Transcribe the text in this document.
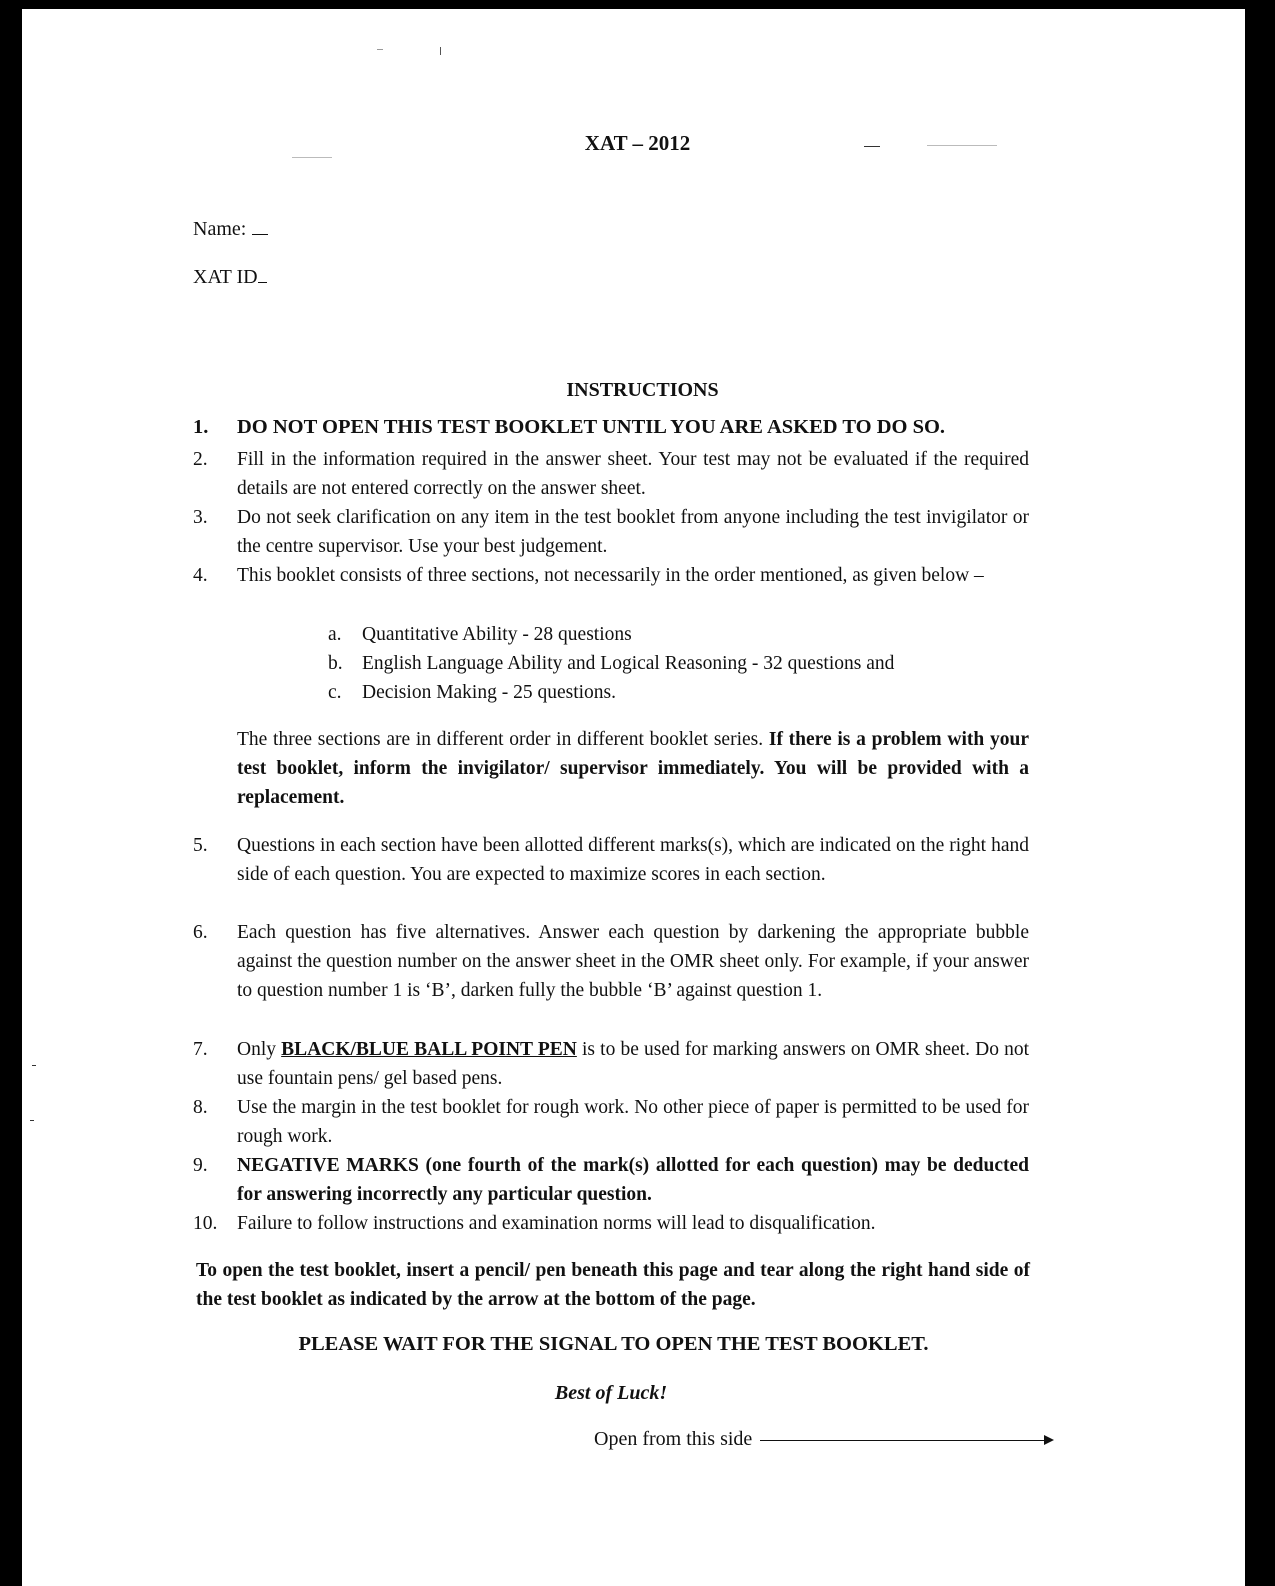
XAT – 2012
Name:
XAT ID
INSTRUCTIONS
1.	DO NOT OPEN THIS TEST BOOKLET UNTIL YOU ARE ASKED TO DO SO.
2.	Fill in the information required in the answer sheet. Your test may not be evaluated if the required details are not entered correctly on the answer sheet.
3.	Do not seek clarification on any item in the test booklet from anyone including the test invigilator or the centre supervisor. Use your best judgement.
4.	This booklet consists of three sections, not necessarily in the order mentioned, as given below –
a. Quantitative Ability - 28 questions
b. English Language Ability and Logical Reasoning - 32 questions and
c. Decision Making - 25 questions.
The three sections are in different order in different booklet series. If there is a problem with your test booklet, inform the invigilator/ supervisor immediately. You will be provided with a replacement.
5.	Questions in each section have been allotted different marks(s), which are indicated on the right hand side of each question. You are expected to maximize scores in each section.
6.	Each question has five alternatives. Answer each question by darkening the appropriate bubble against the question number on the answer sheet in the OMR sheet only. For example, if your answer to question number 1 is ‘B’, darken fully the bubble ‘B’ against question 1.
7.	Only BLACK/BLUE BALL POINT PEN is to be used for marking answers on OMR sheet. Do not use fountain pens/ gel based pens.
8.	Use the margin in the test booklet for rough work. No other piece of paper is permitted to be used for rough work.
9.	NEGATIVE MARKS (one fourth of the mark(s) allotted for each question) may be deducted for answering incorrectly any particular question.
10.	Failure to follow instructions and examination norms will lead to disqualification.
To open the test booklet, insert a pencil/ pen beneath this page and tear along the right hand side of the test booklet as indicated by the arrow at the bottom of the page.
PLEASE WAIT FOR THE SIGNAL TO OPEN THE TEST BOOKLET.
Best of Luck!
Open from this side
